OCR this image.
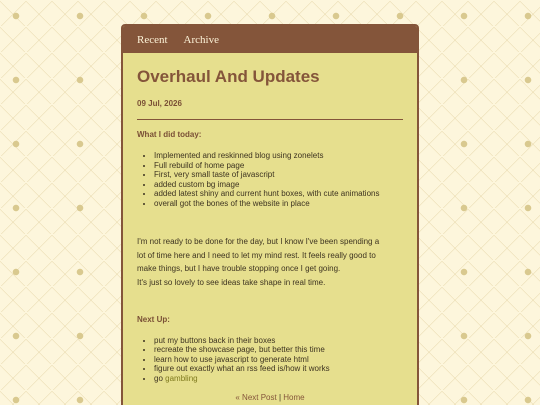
Recent Archive
Overhaul And Updates
09 Jul, 2026
What I did today:
• Implemented and reskinned blog using zonelets
• Full rebuild of home page
• First, very small taste of javascript
• added custom bg image
• added latest shiny and current hunt boxes, with cute animations
• overall got the bones of the website in place
I'm not ready to be done for the day, but I know I've been spending a
lot of time here and I need to let my mind rest. It feels really good to
make things, but I have trouble stopping once I get going.
It's just so lovely to see ideas take shape in real time.
Next Up:
• put my buttons back in their boxes
• recreate the showcase page, but better this time
• learn how to use javascript to generate html
• figure out exactly what an rss feed is/how it works
• go gambling
« Next Post | Home
